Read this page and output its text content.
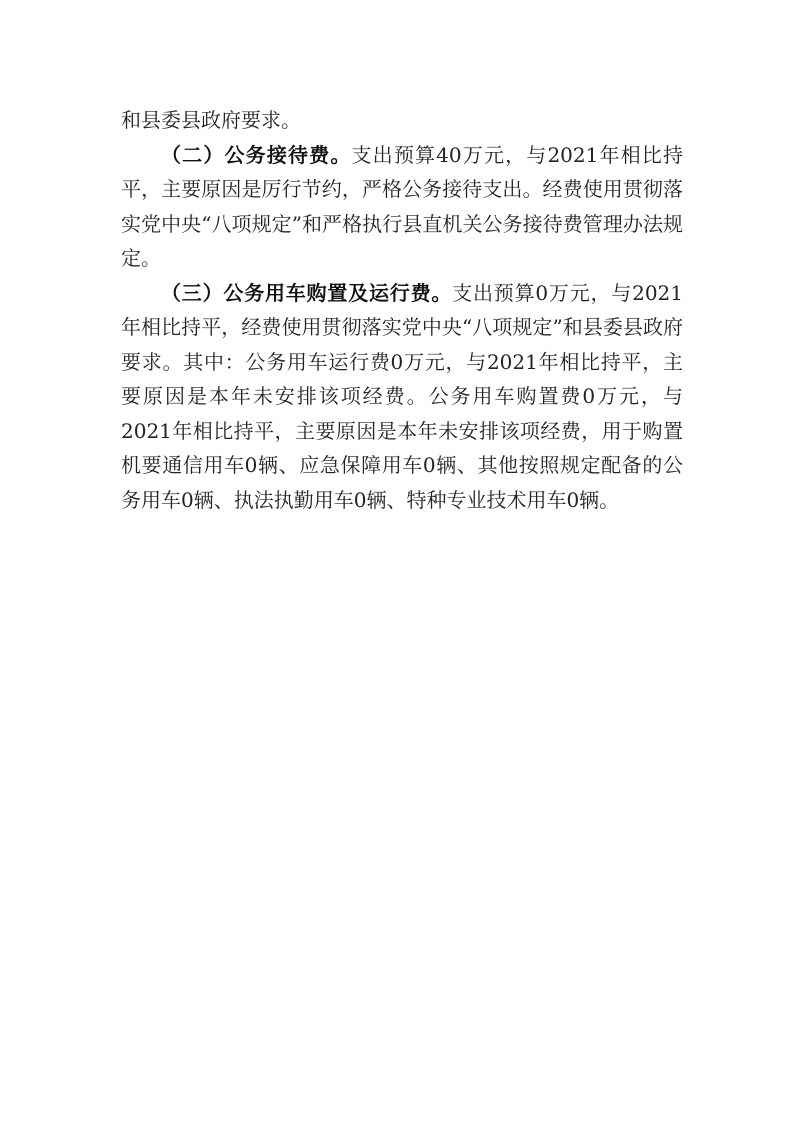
和县委县政府要求。

（二）公务接待费。支出预算40万元，与2021年相比持平，主要原因是厉行节约，严格公务接待支出。经费使用贯彻落实党中央“八项规定”和严格执行县直机关公务接待费管理办法规定。

（三）公务用车购置及运行费。支出预算0万元，与2021年相比持平，经费使用贯彻落实党中央“八项规定”和县委县政府要求。其中：公务用车运行费0万元，与2021年相比持平，主要原因是本年未安排该项经费。公务用车购置费0万元，与2021年相比持平，主要原因是本年未安排该项经费，用于购置机要通信用车0辆、应急保障用车0辆、其他按照规定配备的公务用车0辆、执法执勤用车0辆、特种专业技术用车0辆。
